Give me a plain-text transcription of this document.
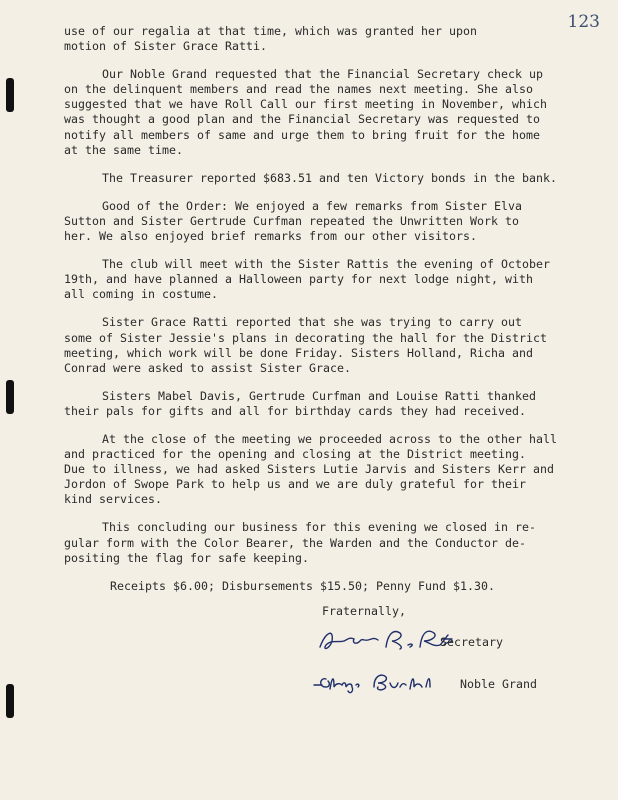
123

use of our regalia at that time, which was granted her upon
motion of Sister Grace Ratti.

Our Noble Grand requested that the Financial Secretary check up
on the delinquent members and read the names next meeting. She also
suggested that we have Roll Call our first meeting in November, which
was thought a good plan and the Financial Secretary was requested to
notify all members of same and urge them to bring fruit for the home
at the same time.

The Treasurer reported $683.51 and ten Victory bonds in the bank.

Good of the Order: We enjoyed a few remarks from Sister Elva
Sutton and Sister Gertrude Curfman repeated the Unwritten Work to
her. We also enjoyed brief remarks from our other visitors.

The club will meet with the Sister Rattis the evening of October
19th, and have planned a Halloween party for next lodge night, with
all coming in costume.

Sister Grace Ratti reported that she was trying to carry out
some of Sister Jessie's plans in decorating the hall for the District
meeting, which work will be done Friday. Sisters Holland, Richa and
Conrad were asked to assist Sister Grace.

Sisters Mabel Davis, Gertrude Curfman and Louise Ratti thanked
their pals for gifts and all for birthday cards they had received.

At the close of the meeting we proceeded across to the other hall
and practiced for the opening and closing at the District meeting.
Due to illness, we had asked Sisters Lutie Jarvis and Sisters Kerr and
Jordon of Swope Park to help us and we are duly grateful for their
kind services.

This concluding our business for this evening we closed in re-
gular form with the Color Bearer, the Warden and the Conductor de-
positing the flag for safe keeping.

Receipts $6.00; Disbursements $15.50; Penny Fund $1.30.

Fraternally,

Secretary
Noble Grand
